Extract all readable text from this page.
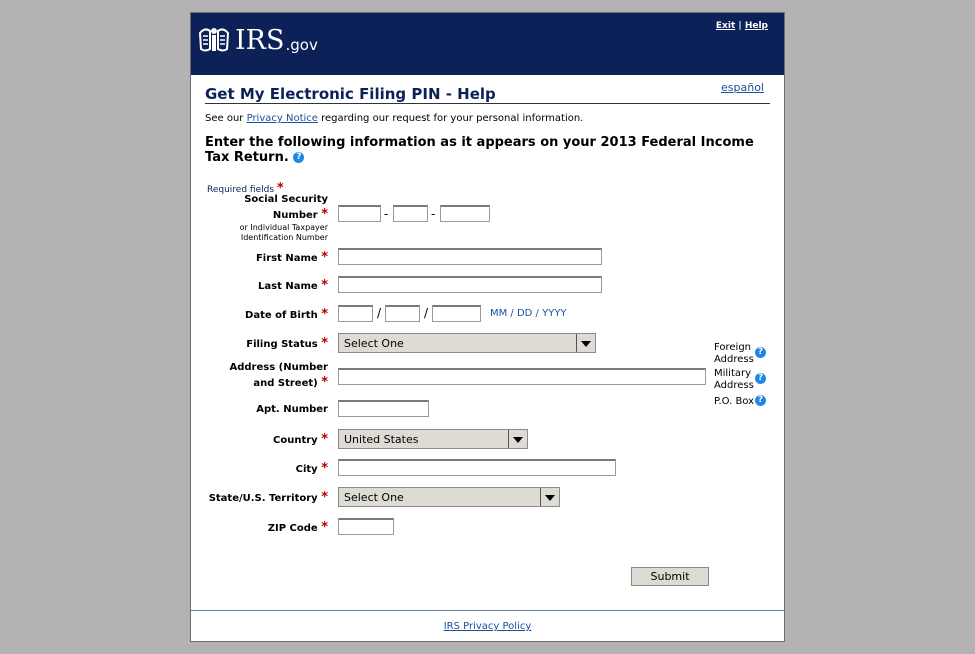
IRS .gov
Exit | Help
español
Get My Electronic Filing PIN - Help
See our Privacy Notice regarding our request for your personal information.
Enter the following information as it appears on your 2013 Federal Income Tax Return. ?
Required fields *
Social Security Number *
or Individual Taxpayer Identification Number
-	-
First Name *
Last Name *
Date of Birth *	/	/	MM / DD / YYYY
Filing Status * Select One
Address (Number and Street) *
Foreign Address
?
Military Address
?
P.O. Box ?
Apt. Number
Country * United States
City *
State/U.S. Territory * Select One
ZIP Code *
Submit
IRS Privacy Policy
